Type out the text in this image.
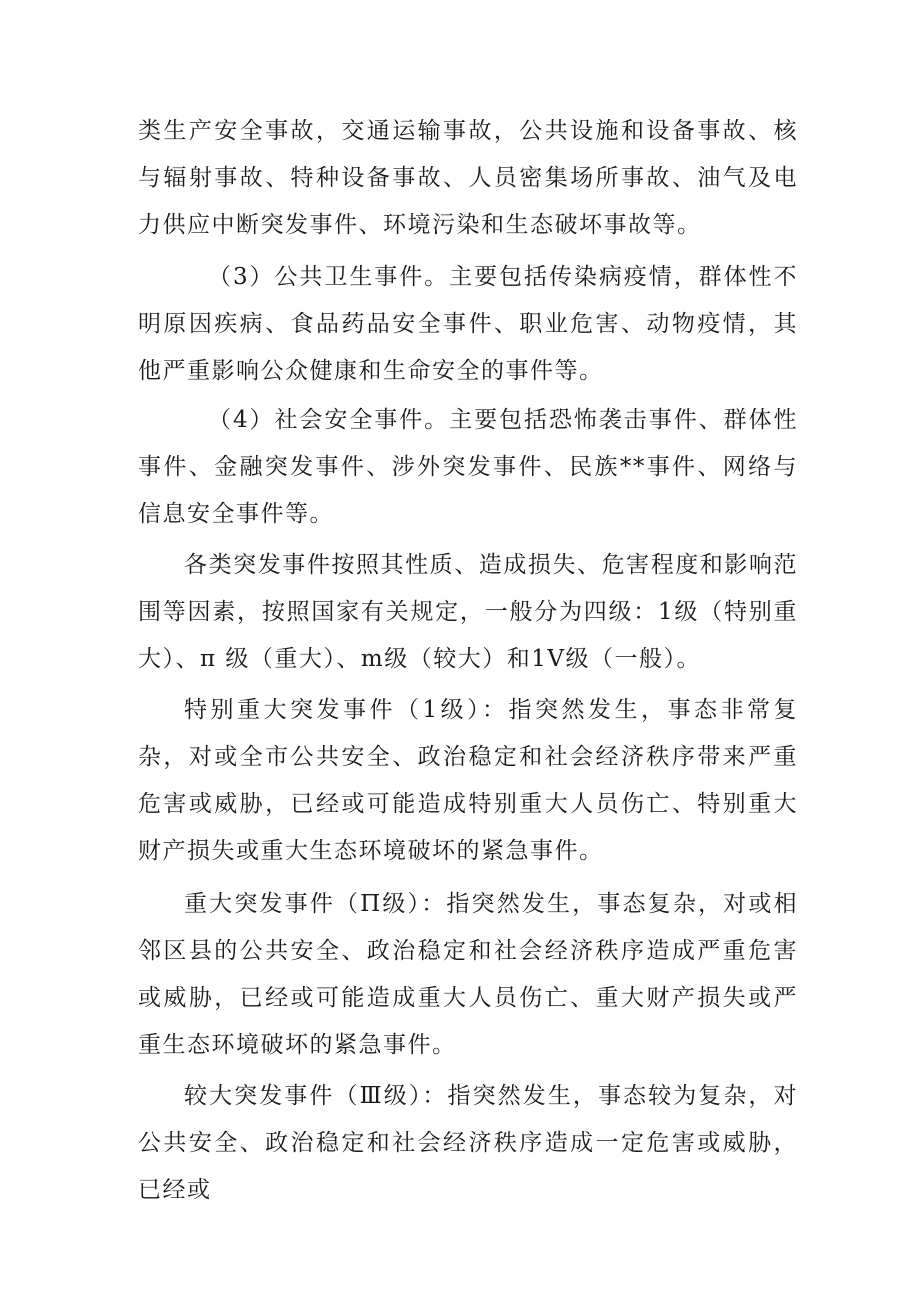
类生产安全事故，交通运输事故，公共设施和设备事故、核与辐射事故、特种设备事故、人员密集场所事故、油气及电力供应中断突发事件、环境污染和生态破坏事故等。

（3）公共卫生事件。主要包括传染病疫情，群体性不明原因疾病、食品药品安全事件、职业危害、动物疫情，其他严重影响公众健康和生命安全的事件等。

（4）社会安全事件。主要包括恐怖袭击事件、群体性事件、金融突发事件、涉外突发事件、民族**事件、网络与信息安全事件等。

各类突发事件按照其性质、造成损失、危害程度和影响范围等因素，按照国家有关规定，一般分为四级：1级（特别重大）、π 级（重大）、m级（较大）和1V级（一般）。

特别重大突发事件（1级）：指突然发生，事态非常复杂，对或全市公共安全、政治稳定和社会经济秩序带来严重危害或威胁，已经或可能造成特别重大人员伤亡、特别重大财产损失或重大生态环境破坏的紧急事件。

重大突发事件（Π级）：指突然发生，事态复杂，对或相邻区县的公共安全、政治稳定和社会经济秩序造成严重危害或威胁，已经或可能造成重大人员伤亡、重大财产损失或严重生态环境破坏的紧急事件。

较大突发事件（Ⅲ级）：指突然发生，事态较为复杂，对公共安全、政治稳定和社会经济秩序造成一定危害或威胁，已经或
